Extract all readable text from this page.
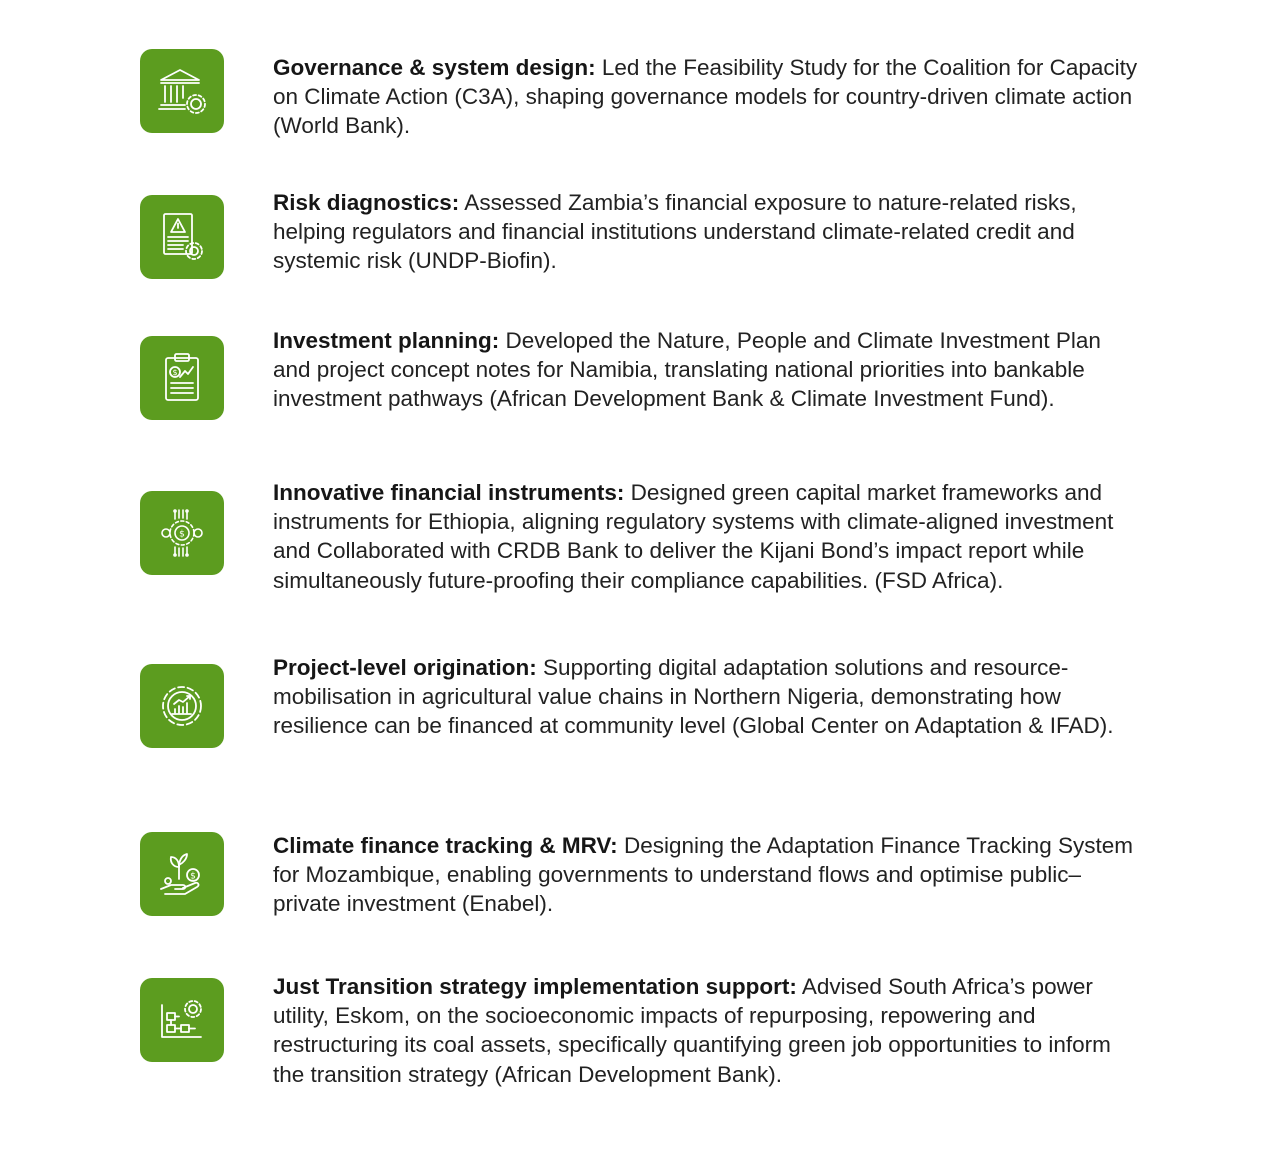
Governance & system design: Led the Feasibility Study for the Coalition for Capacity on Climate Action (C3A), shaping governance models for country-driven climate action (World Bank).
Risk diagnostics: Assessed Zambia’s financial exposure to nature-related risks, helping regulators and financial institutions understand climate-related credit and systemic risk (UNDP-Biofin).
$
Investment planning: Developed the Nature, People and Climate Investment Plan and project concept notes for Namibia, translating national priorities into bankable investment pathways (African Development Bank & Climate Investment Fund).
$
Innovative financial instruments: Designed green capital market frameworks and instruments for Ethiopia, aligning regulatory systems with climate-aligned investment and Collaborated with CRDB Bank to deliver the Kijani Bond’s impact report while simultaneously future-proofing their compliance capabilities. (FSD Africa).
Project-level origination: Supporting digital adaptation solutions and resource-mobilisation in agricultural value chains in Northern Nigeria, demonstrating how resilience can be financed at community level (Global Center on Adaptation & IFAD).
$
Climate finance tracking & MRV: Designing the Adaptation Finance Tracking System for Mozambique, enabling governments to understand flows and optimise public–private investment (Enabel).
Just Transition strategy implementation support: Advised South Africa’s power utility, Eskom, on the socioeconomic impacts of repurposing, repowering and restructuring its coal assets, specifically quantifying green job opportunities to inform the transition strategy (African Development Bank).
